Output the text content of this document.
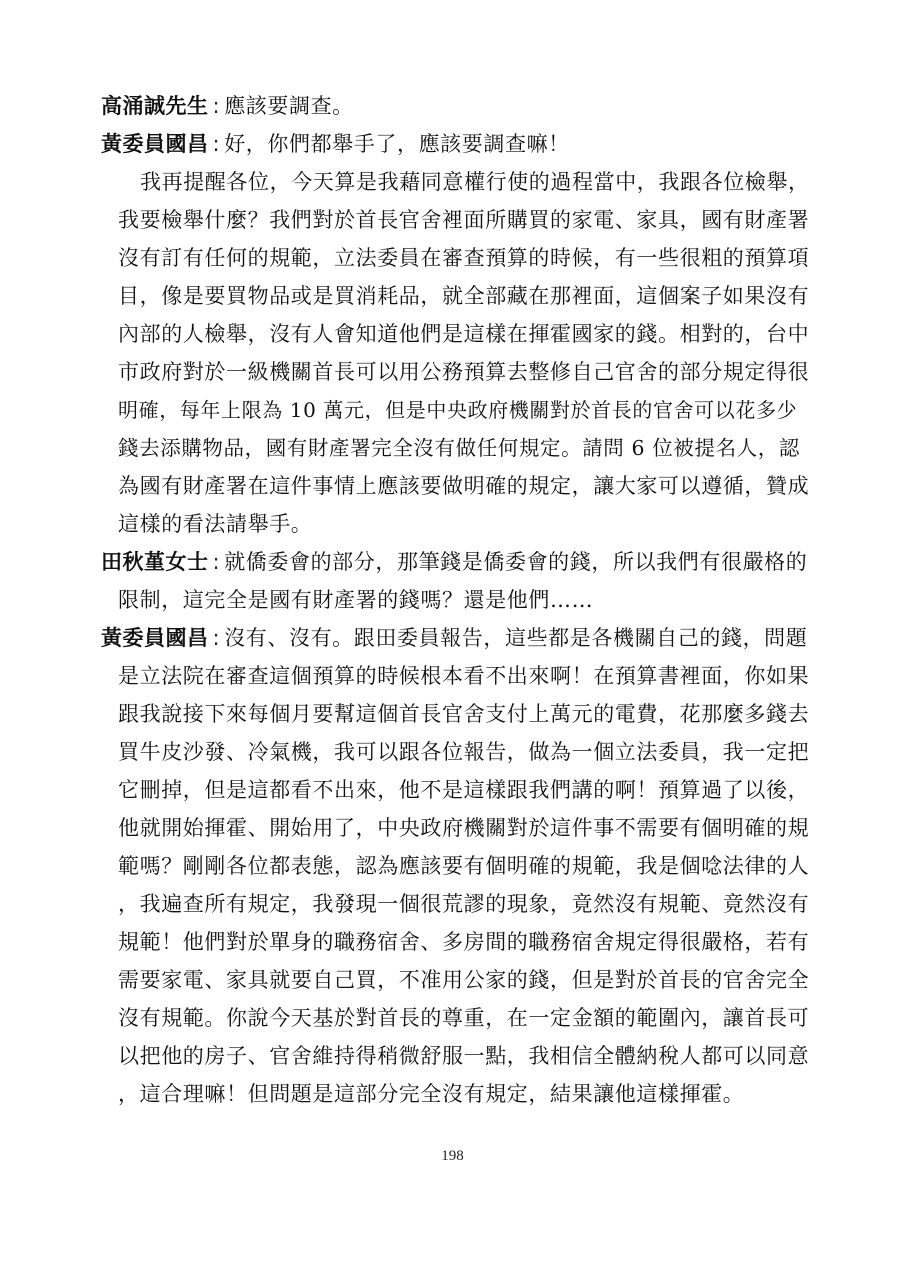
高涌誠先生 : 應該要調查。
黃委員國昌 : 好，你們都舉手了，應該要調查嘛！
我再提醒各位，今天算是我藉同意權行使的過程當中，我跟各位檢舉，
我要檢舉什麼？我們對於首長官舍裡面所購買的家電、家具，國有財產署
沒有訂有任何的規範，立法委員在審查預算的時候，有一些很粗的預算項
目，像是要買物品或是買消耗品，就全部藏在那裡面，這個案子如果沒有
內部的人檢舉，沒有人會知道他們是這樣在揮霍國家的錢。相對的，台中
市政府對於一級機關首長可以用公務預算去整修自己官舍的部分規定得很
明確，每年上限為 10 萬元，但是中央政府機關對於首長的官舍可以花多少
錢去添購物品，國有財產署完全沒有做任何規定。請問 6 位被提名人，認
為國有財產署在這件事情上應該要做明確的規定，讓大家可以遵循，贊成
這樣的看法請舉手。
田秋堇女士 : 就僑委會的部分，那筆錢是僑委會的錢，所以我們有很嚴格的
限制，這完全是國有財產署的錢嗎？還是他們……
黃委員國昌 : 沒有、沒有。跟田委員報告，這些都是各機關自己的錢，問題
是立法院在審查這個預算的時候根本看不出來啊！在預算書裡面，你如果
跟我說接下來每個月要幫這個首長官舍支付上萬元的電費，花那麼多錢去
買牛皮沙發、冷氣機，我可以跟各位報告，做為一個立法委員，我一定把
它刪掉，但是這都看不出來，他不是這樣跟我們講的啊！預算過了以後，
他就開始揮霍、開始用了，中央政府機關對於這件事不需要有個明確的規
範嗎？剛剛各位都表態，認為應該要有個明確的規範，我是個唸法律的人
，我遍查所有規定，我發現一個很荒謬的現象，竟然沒有規範、竟然沒有
規範！他們對於單身的職務宿舍、多房間的職務宿舍規定得很嚴格，若有
需要家電、家具就要自己買，不准用公家的錢，但是對於首長的官舍完全
沒有規範。你說今天基於對首長的尊重，在一定金額的範圍內，讓首長可
以把他的房子、官舍維持得稍微舒服一點，我相信全體納稅人都可以同意
，這合理嘛！但問題是這部分完全沒有規定，結果讓他這樣揮霍。
198
